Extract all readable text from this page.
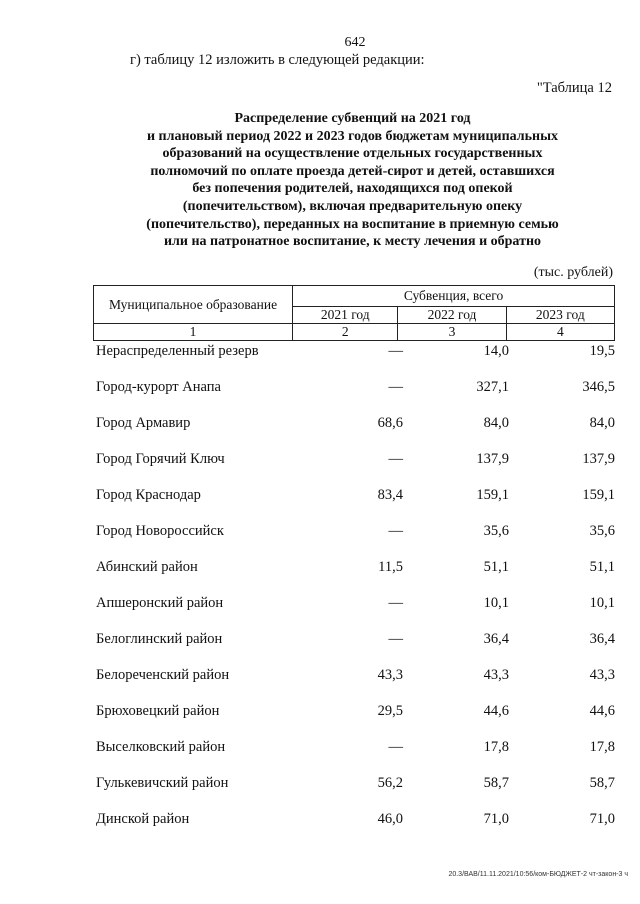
642
г) таблицу 12 изложить в следующей редакции:
"Таблица 12
Распределение субвенций на 2021 год
и плановый период 2022 и 2023 годов бюджетам муниципальных
образований на осуществление отдельных государственных
полномочий по оплате проезда детей-сирот и детей, оставшихся
без попечения родителей, находящихся под опекой
(попечительством), включая предварительную опеку
(попечительство), переданных на воспитание в приемную семью
или на патронатное воспитание, к месту лечения и обратно
(тыс. рублей)
Муниципальное образование	Субвенция, всего		
	2021 год	2022 год	2023 год
1	2	3	4
Нераспределенный резерв	—	14,0	19,5
Город-курорт Анапа	—	327,1	346,5
Город Армавир	68,6	84,0	84,0
Город Горячий Ключ	—	137,9	137,9
Город Краснодар	83,4	159,1	159,1
Город Новороссийск	—	35,6	35,6
Абинский район	11,5	51,1	51,1
Апшеронский район	—	10,1	10,1
Белоглинский район	—	36,4	36,4
Белореченский район	43,3	43,3	43,3
Брюховецкий район	29,5	44,6	44,6
Выселковский район	—	17,8	17,8
Гулькевичский район	56,2	58,7	58,7
Динской район	46,0	71,0	71,0
20.3/ВАВ/11.11.2021/10:56/ком-БЮДЖЕТ-2 чт-закон-3 ч
